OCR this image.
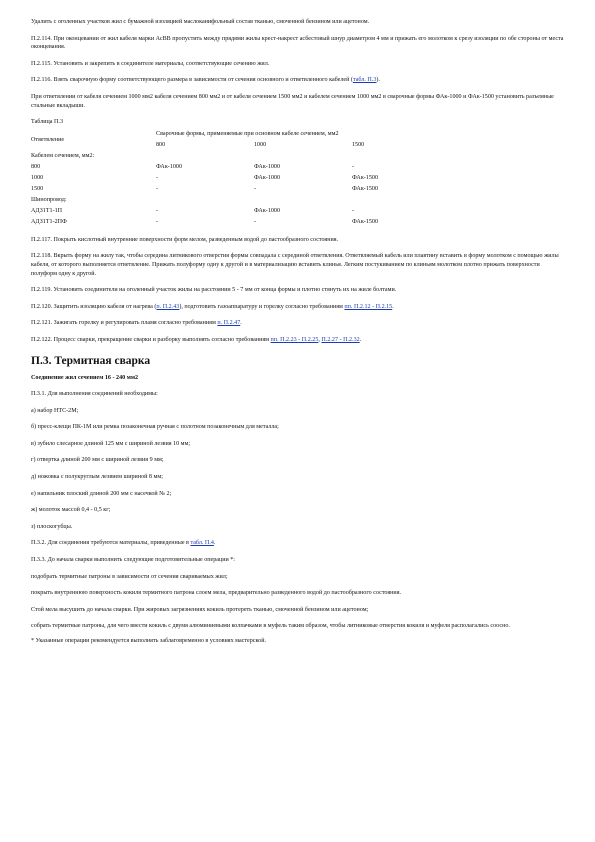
Удалить с оголенных участков жил с бумажной изоляцией маслоканифольный состав тканью, смоченной бензином или ацетоном.

П.2.114. При оконцевании от жил кабеля марки АсВВ пропустить между прядями жилы крест-накрест асбестовый шнур диаметром 4 мм и прижать его молотком к срезу изоляции по обе стороны от места оконцевания.

П.2.115. Установить и закрепить в соединителе материалы, соответствующие сечению жил.

П.2.116. Взять сварочную форму соответствующего размера в зависимости от сечения основного и ответвленного кабелей (табл. П.3).

При ответвлении от кабеля сечением 1000 мм2 кабеля сечением 800 мм2 и от кабеля сечением 1500 мм2 и кабелем сечением 1000 мм2 в сварочные формы ФАк-1000 и ФАк-1500 установить разъемные стальные вкладыши.

Таблица П.3

	Сварочные формы, применяемые при основном кабеле сечением, мм2		
Ответвление	800	1000	1500
Кабелем сечением, мм2:			
800	ФАк-1000	ФАк-1000	-
1000	-	ФАк-1000	ФАк-1500
1500	-	-	ФАк-1500
Шинопровод:			
АДЗ1Т1-1П	-	ФАк-1000	-
АДЗ1Т1-2ПФ	-	-	ФАк-1500

П.2.117. Покрыть кислотный внутренние поверхности форм мелом, разведенным водой до пастообразного состояния.

П.2.118. Вкрыть форму на жилу так, чтобы середина литникового отверстия формы совпадала с серединой ответвления. Ответвляемый кабель или плавтину вставить в форму молотком с помощью жилы кабеля, от которого выполняется ответвление. Прижать полуформу одну к другой и в материализацию вставить клинья. Легким постукиванием по клиньям молотком плотно прижать поверхности полуформ одну к другой.

П.2.119. Установить соединители на оголенный участок жилы на расстоянии 5 - 7 мм от конца формы и плотно стянуть их на жиле болтами.

П.2.120. Защитить изоляцию кабеля от нагрева (п. П.2.43), подготовить газоаппаратуру и горелку согласно требованиям пп. П.2.12 - П.2.15.

П.2.121. Зажигать горелку и регулировать пламя согласно требованиям п. П.2.47.

П.2.122. Процесс сварки, прекращение сварки и разборку выполнять согласно требованиям пп. П.2.23 - П.2.25, П.2.27 - П.2.32.

П.3. Термитная сварка

Соединение жил сечением 16 - 240 мм2

П.3.1. Для выполнения соединений необходимы:

а) набор НТС-2М;

б) пресс-клещи ПК-1М или ремка позаконечная ручная с полотном позаконечным для металла;

в) зубило слесарное длиной 125 мм с шириной лезвия 10 мм;

г) отвертка длиной 200 мм с шириной лезвия 9 мм;

д) ножовка с полукруглым лезвием шириной 8 мм;

е) напильник плоский длиной 200 мм с насечкой № 2;

ж) молоток массой 0,4 - 0,5 кг;

з) плоскогубцы.

П.3.2. Для соединения требуются материалы, приведенные в табл. П.4.

П.3.3. До начала сварки выполнить следующие подготовительные операции *:

подобрать термитные патроны в зависимости от сечения свариваемых жил;

покрыть внутреннюю поверхность кокиля термитного патрона слоем мела, предварительно разведенного водой до пастообразного состояния.

Стой мела высушить до начала сварки. При жировых загрязнениях кокиль протереть тканью, смоченной бензином или ацетоном;

собрать термитные патроны, для чего ввести кокиль с двумя алюминиевыми колпачками в муфель таким образом, чтобы литниковые отверстия кокиля и муфеля располагались соосно.

* Указанные операции рекомендуется выполнять заблаговременно в условиях мастерской.
